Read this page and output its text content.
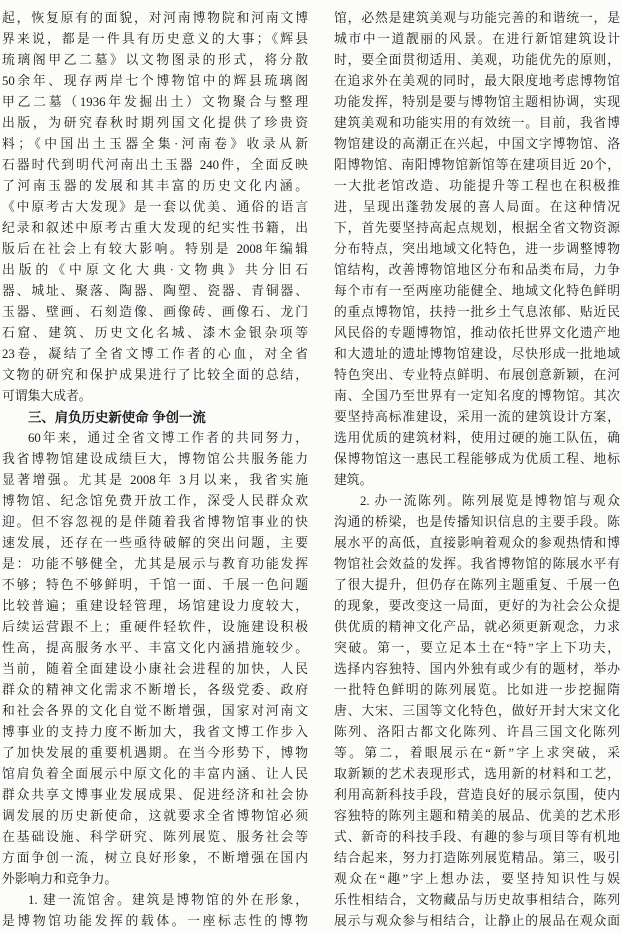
起，恢复原有的面貌，对河南博物院和河南文博
界来说，都是一件具有历史意义的大事；《辉县
琉璃阁甲乙二墓》以文物图录的形式，将分散
50余年、现存两岸七个博物馆中的辉县琉璃阁
甲乙二墓（1936年发掘出土）文物聚合与整理
出版，为研究春秋时期列国文化提供了珍贵资
料；《中国出土玉器全集·河南卷》收录从新
石器时代到明代河南出土玉器 240件，全面反映
了河南玉器的发展和其丰富的历史文化内涵。
《中原考古大发现》是一套以优美、通俗的语言
纪录和叙述中原考古重大发现的纪实性书籍，出
版后在社会上有较大影响。特别是 2008年编辑
出版的《中原文化大典·文物典》共分旧石
器、城址、聚落、陶器、陶塑、瓷器、青铜器、
玉器、壁画、石刻造像、画像砖、画像石、龙门
石窟、建筑、历史文化名城、漆木金银杂项等
23卷，凝结了全省文博工作者的心血，对全省
文物的研究和保护成果进行了比较全面的总结，
可谓集大成者。
三、肩负历史新使命 争创一流
60年来，通过全省文博工作者的共同努力，
我省博物馆建设成绩巨大，博物馆公共服务能力
显著增强。尤其是 2008年 3月以来，我省实施
博物馆、纪念馆免费开放工作，深受人民群众欢
迎。但不容忽视的是伴随着我省博物馆事业的快
速发展，还存在一些亟待破解的突出问题，主要
是：功能不够健全，尤其是展示与教育功能发挥
不够；特色不够鲜明，千馆一面、千展一色问题
比较普遍；重建设轻管理，场馆建设力度较大，
后续运营跟不上；重硬件轻软件，设施建设积极
性高，提高服务水平、丰富文化内涵措施较少。
当前，随着全面建设小康社会进程的加快，人民
群众的精神文化需求不断增长，各级党委、政府
和社会各界的文化自觉不断增强，国家对河南文
博事业的支持力度不断加大，我省文博工作步入
了加快发展的重要机遇期。在当今形势下，博物
馆肩负着全面展示中原文化的丰富内涵、让人民
群众共享文博事业发展成果、促进经济和社会协
调发展的历史新使命，这就要求全省博物馆必须
在基础设施、科学研究、陈列展览、服务社会等
方面争创一流，树立良好形象，不断增强在国内
外影响力和竞争力。
1. 建一流馆舍。建筑是博物馆的外在形象，
是博物馆功能发挥的载体。一座标志性的博物
馆，必然是建筑美观与功能完善的和谐统一，是
城市中一道靓丽的风景。在进行新馆建筑设计
时，要全面贯彻适用、美观，功能优先的原则，
在追求外在美观的同时，最大限度地考虑博物馆
功能发挥，特别是要与博物馆主题相协调，实现
建筑美观和功能实用的有效统一。目前，我省博
物馆建设的高潮正在兴起，中国文字博物馆、洛
阳博物馆、南阳博物馆新馆等在建项目近 20个，
一大批老馆改造、功能提升等工程也在积极推
进，呈现出蓬勃发展的喜人局面。在这种情况
下，首先要坚持高起点规划，根据全省文物资源
分布特点，突出地域文化特色，进一步调整博物
馆结构，改善博物馆地区分布和品类布局，力争
每个市有一至两座功能健全、地域文化特色鲜明
的重点博物馆，扶持一批乡土气息浓郁、贴近民
风民俗的专题博物馆，推动依托世界文化遗产地
和大遗址的遗址博物馆建设，尽快形成一批地域
特色突出、专业特点鲜明、布展创意新颖，在河
南、全国乃至世界有一定知名度的博物馆。其次
要坚持高标准建设，采用一流的建筑设计方案，
选用优质的建筑材料，使用过硬的施工队伍，确
保博物馆这一惠民工程能够成为优质工程、地标
建筑。
2. 办一流陈列。陈列展览是博物馆与观众
沟通的桥梁，也是传播知识信息的主要手段。陈
展水平的高低，直接影响着观众的参观热情和博
物馆社会效益的发挥。我省博物馆的陈展水平有
了很大提升，但仍存在陈列主题重复、千展一色
的现象，要改变这一局面，更好的为社会公众提
供优质的精神文化产品，就必须更新观念，力求
突破。第一，要立足本土在“特”字上下功夫，
选择内容独特、国内外独有或少有的题材，举办
一批特色鲜明的陈列展览。比如进一步挖掘隋
唐、大宋、三国等文化特色，做好开封大宋文化
陈列、洛阳古都文化陈列、许昌三国文化陈列
等。第二，着眼展示在“新”字上求突破，采
取新颖的艺术表现形式，选用新的材料和工艺，
利用高新科技手段，营造良好的展示氛围，使内
容独特的陈列主题和精美的展品、优美的艺术形
式、新奇的科技手段、有趣的参与项目等有机地
结合起来，努力打造陈列展览精品。第三，吸引
观众在“趣”字上想办法，要坚持知识性与娱
乐性相结合，文物藏品与历史故事相结合，陈列
展示与观众参与相结合，让静止的展品在观众面
